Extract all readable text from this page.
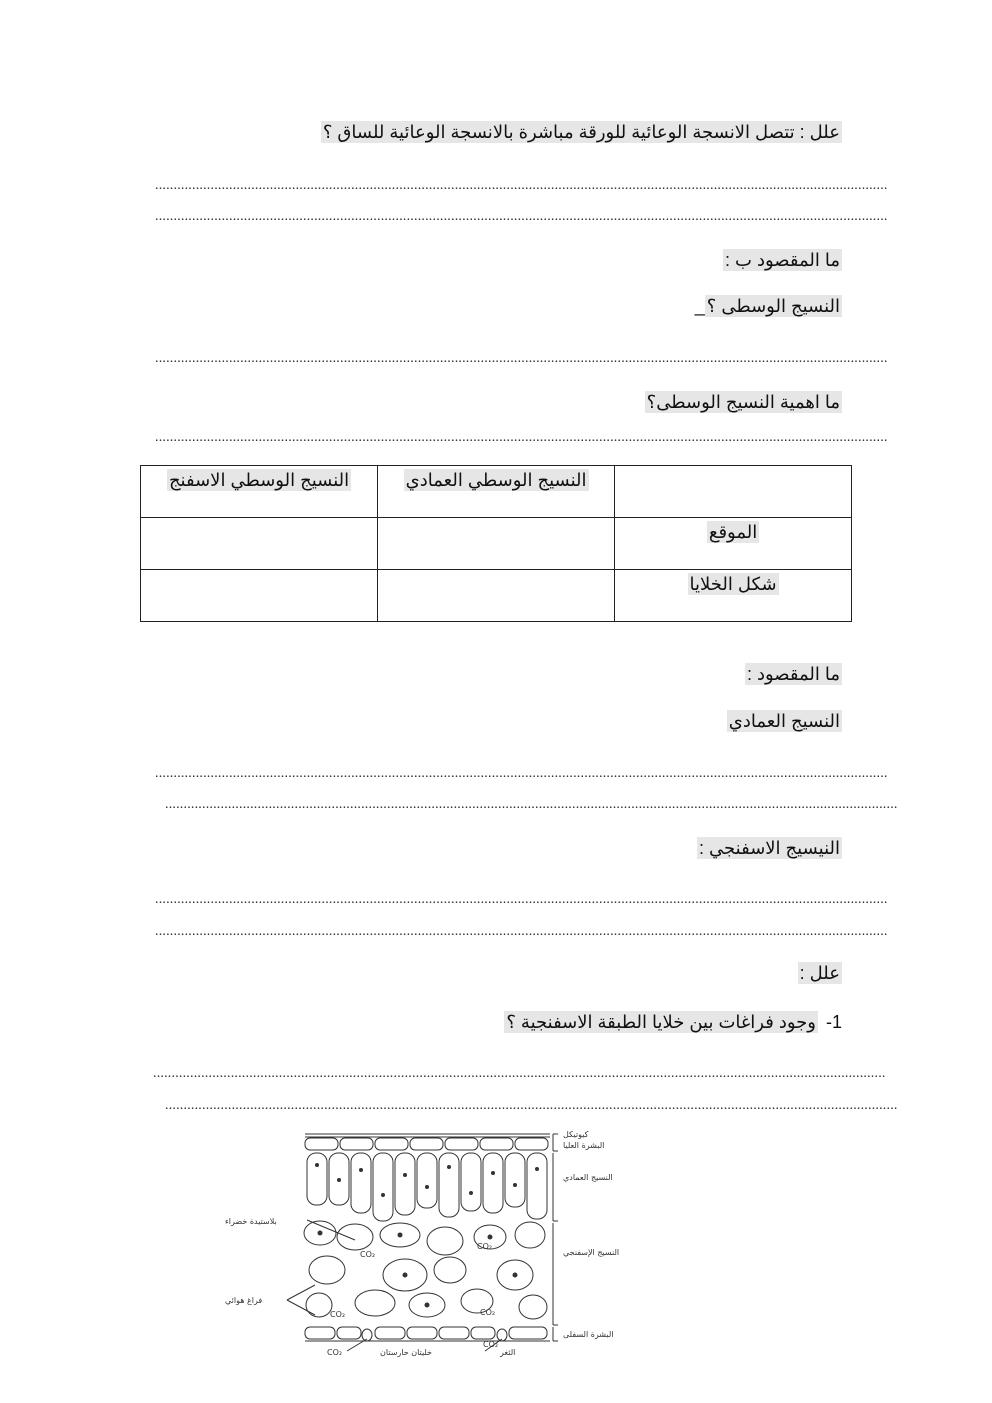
علل : تتصل الانسجة الوعائية للورقة مباشرة بالانسجة الوعائية للساق ؟
......................................................................................................................................................................................................
......................................................................................................................................................................................................
ما المقصود ب :
النسيج الوسطى ؟_
......................................................................................................................................................................................................
ما اهمية النسيج الوسطى؟
......................................................................................................................................................................................................
	النسيج الوسطي العمادي	النسيج الوسطي الاسفنج
الموقع		
شكل الخلايا		
ما المقصود :
النسيج العمادي
......................................................................................................................................................................................................
......................................................................................................................................................................................................
النيسيج الاسفنجي :
......................................................................................................................................................................................................
......................................................................................................................................................................................................
علل :
1-وجود فراغات بين خلايا الطبقة الاسفنجية ؟
......................................................................................................................................................................................................
......................................................................................................................................................................................................
كيوتيكل
البشرة العليا
النسيج العمادي
النسيج الإسفنجي
البشرة السفلى
بلاستيدة خضراء
فراغ هوائي
خليتان حارستان	الثغر
CO₂
CO₂
CO₂	CO₂
CO₂
CO₂
